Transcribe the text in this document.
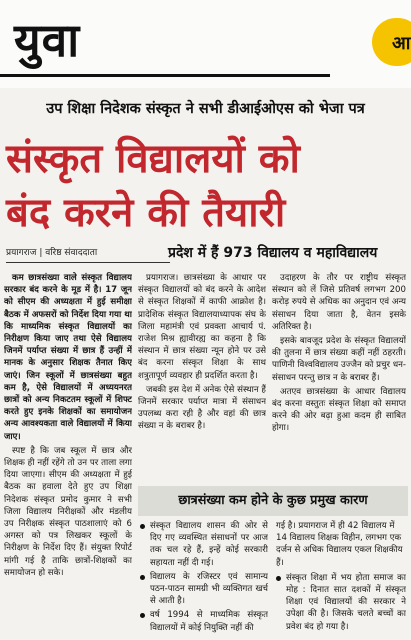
युवा	आ
उप शिक्षा निदेशक संस्कृत ने सभी डीआईओएस को भेजा पत्र
संस्कृत विद्यालयों को
बंद करने की तैयारी
प्रयागराज | वरिष्ठ संवाददाता	प्रदेश में हैं 973 विद्यालय व महाविद्यालय

कम छात्रसंख्या वाले संस्कृत विद्यालय सरकार बंद करने के मूड में है। 17 जून को सीएम की अध्यक्षता में हुई समीक्षा बैठक में अफसरों को निर्देश दिया गया था कि माध्यमिक संस्कृत विद्यालयों का निरीक्षण किया जाए तथा ऐसे विद्यालय जिनमें पर्याप्त संख्या में छात्र हैं उन्हीं में मानक के अनुसार शिक्षक तैनात किए जाएं। जिन स्कूलों में छात्रसंख्या बहुत कम है, ऐसे विद्यालयों में अध्ययनरत छात्रों को अन्य निकटतम स्कूलों में शिफ्ट करते हुए इनके शिक्षकों का समायोजन अन्य आवश्यकता वाले विद्यालयों में किया जाए।

स्पष्ट है कि जब स्कूल में छात्र और शिक्षक ही नहीं रहेंगे तो उन पर ताला लगा दिया जाएगा। सीएम की अध्यक्षता में हुई बैठक का हवाला देते हुए उप शिक्षा निदेशक संस्कृत प्रमोद कुमार ने सभी जिला विद्यालय निरीक्षकों और मंडलीय उप निरीक्षक संस्कृत पाठशालाएं को 6 अगस्त को पत्र लिखकर स्कूलों के निरीक्षण के निर्देश दिए हैं। संयुक्त रिपोर्ट मांगी गई है ताकि छात्रों-शिक्षकों का समायोजन हो सके।

प्रयागराज। छात्रसंख्या के आधार पर संस्कृत विद्यालयों को बंद करने के आदेश से संस्कृत शिक्षकों में काफी आक्रोश है। प्रादेशिक संस्कृत विद्यालयाध्यापक संघ के जिला महामंत्री एवं प्रवक्ता आचार्य पं. राजेश मिश्र ह्यावीरह्य का कहना है कि संस्थान में छात्र संख्या न्यून होने पर उसे बंद करना संस्कृत शिक्षा के साथ शत्रुतापूर्ण व्यवहार ही प्रदर्शित करता है।

जबकी इस देश में अनेक ऐसे संस्थान हैं जिनमें सरकार पर्याप्त मात्रा में संसाधन उपलब्ध करा रही है और वहां की छात्र संख्या न के बराबर है।

उदाहरण के तौर पर राष्ट्रीय संस्कृत संस्थान को लें जिसे प्रतिवर्ष लगभग 200 करोड़ रुपये से अधिक का अनुदान एवं अन्य संसाधन दिया जाता है, वेतन इसके अतिरिक्त है।

इसके बावजूद प्रदेश के संस्कृत विद्यालयों की तुलना में छात्र संख्या कहीं नहीं ठहरती। पाणिनी विश्वविद्यालय उज्जैन को प्रचुर धन-संसाधन परन्तु छात्र न के बराबर हैं।

अतएव छात्रसंख्या के आधार विद्यालय बंद करना वस्तुतः संस्कृत शिक्षा को समाप्त करने की ओर बढ़ा हुआ कदम ही साबित होगा।

छात्रसंख्या कम होने के कुछ प्रमुख कारण
संस्कृत विद्यालय शासन की ओर से दिए गए व्यवस्थित संसाधनों पर आज तक चल रहे हैं, इन्हें कोई सरकारी सहायता नहीं दी गई।
विद्यालय के रजिस्टर एवं सामान्य पठन-पाठन सामग्री भी व्यक्तिगत खर्च से आती है।
वर्ष 1994 से माध्यमिक संस्कृत विद्यालयों में कोई नियुक्ति नहीं की
गई है। प्रयागराज में ही 42 विद्यालय में 14 विद्यालय शिक्षक विहीन, लगभग एक दर्जन से अधिक विद्यालय एकल शिक्षकीय हैं।
संस्कृत शिक्षा में भय होता समाज का मोह : दिनात सात दशकों में संस्कृत शिक्षा एवं विद्यालयों की सरकार ने उपेक्षा की है। जिसके चलते बच्चों का प्रवेश बंद हो गया है।
